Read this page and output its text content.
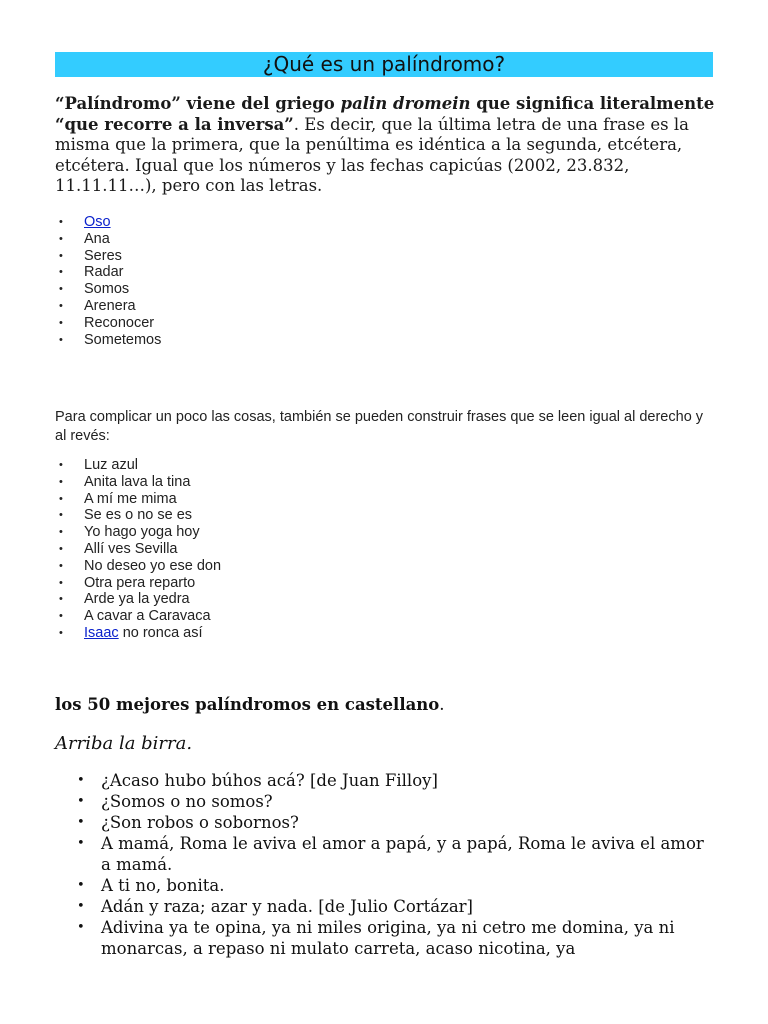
¿Qué es un palíndromo?
“Palíndromo” viene del griego palin dromein que significa literalmente “que recorre a la inversa”. Es decir, que la última letra de una frase es la misma que la primera, que la penúltima es idéntica a la segunda, etcétera, etcétera. Igual que los números y las fechas capicúas (2002, 23.832, 11.11.11…), pero con las letras.
• Oso
• Ana
• Seres
• Radar
• Somos
• Arenera
• Reconocer
• Sometemos
Para complicar un poco las cosas, también se pueden construir frases que se leen igual al derecho y al revés:
• Luz azul
• Anita lava la tina
• A mí me mima
• Se es o no se es
• Yo hago yoga hoy
• Allí ves Sevilla
• No deseo yo ese don
• Otra pera reparto
• Arde ya la yedra
• A cavar a Caravaca
• Isaac no ronca así
los 50 mejores palíndromos en castellano.
Arriba la birra.
• ¿Acaso hubo búhos acá? [de Juan Filloy]
• ¿Somos o no somos?
• ¿Son robos o sobornos?
• A mamá, Roma le aviva el amor a papá, y a papá, Roma le aviva el amor a mamá.
• A ti no, bonita.
• Adán y raza; azar y nada. [de Julio Cortázar]
• Adivina ya te opina, ya ni miles origina, ya ni cetro me domina, ya ni monarcas, a repaso ni mulato carreta, acaso nicotina, ya
